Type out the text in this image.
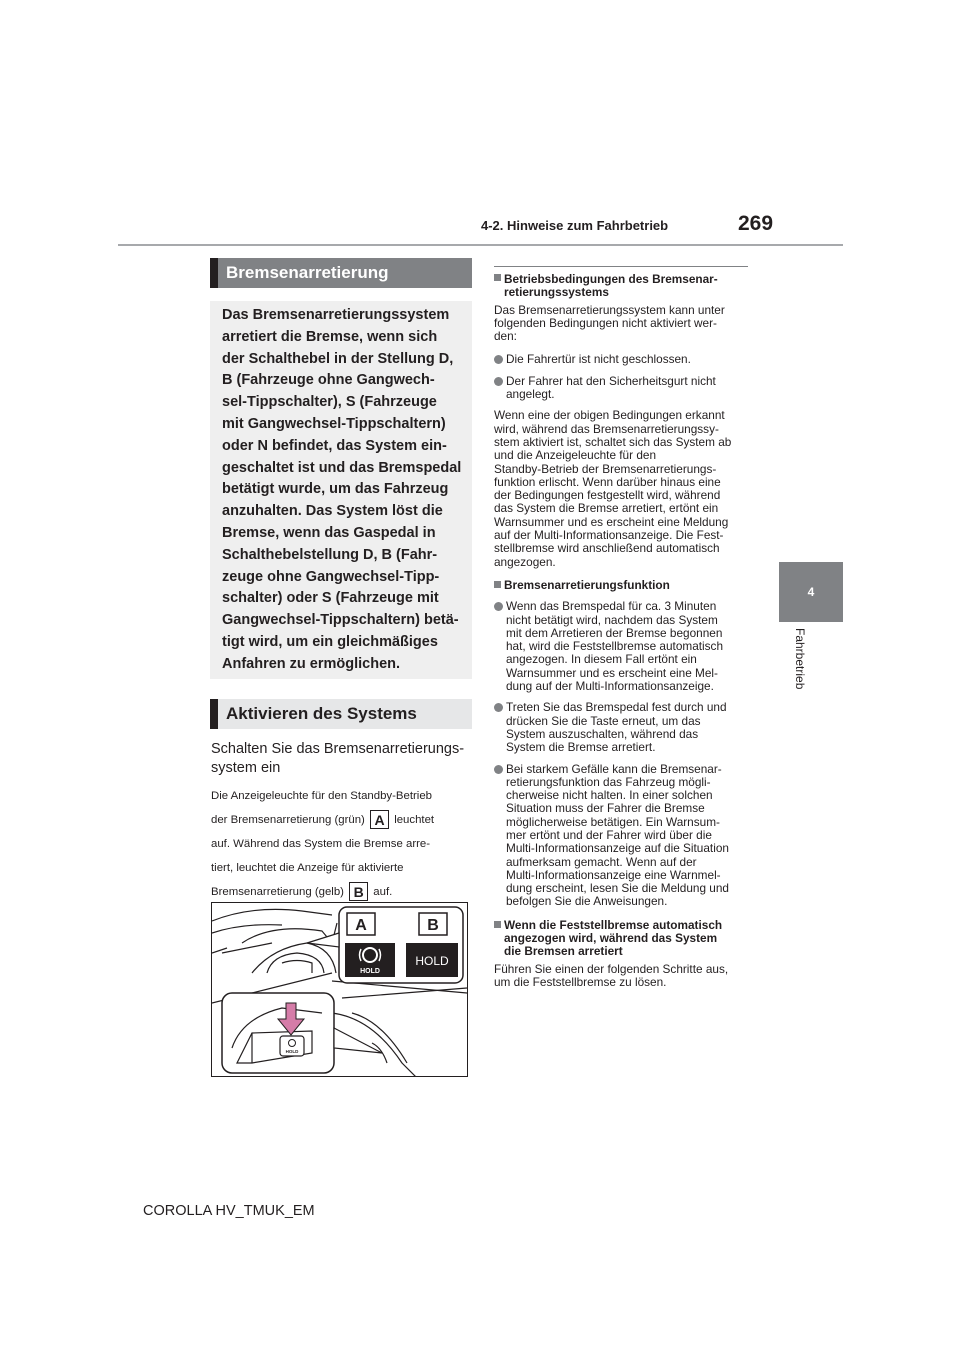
4-2. Hinweise zum Fahrbetrieb	269
4
Fahrbetrieb
Bremsenarretierung

Das Bremsenarretierungssystem

arretiert die Bremse, wenn sich

der Schalthebel in der Stellung D,

B (Fahrzeuge ohne Gangwech-

sel-Tippschalter), S (Fahrzeuge

mit Gangwechsel-Tippschaltern)

oder N befindet, das System ein-

geschaltet ist und das Bremspedal

betätigt wurde, um das Fahrzeug

anzuhalten. Das System löst die

Bremse, wenn das Gaspedal in

Schalthebelstellung D, B (Fahr-

zeuge ohne Gangwechsel-Tipp-

schalter) oder S (Fahrzeuge mit

Gangwechsel-Tippschaltern) betä-

tigt wird, um ein gleichmäßiges

Anfahren zu ermöglichen.

Aktivieren des Systems
Schalten Sie das Bremsenarretierungs-
system ein
Die Anzeigeleuchte für den Standby-Betrieb
der Bremsenarretierung (grün) A leuchtet
auf. Während das System die Bremse arre-
tiert, leuchtet die Anzeige für aktivierte
Bremsenarretierung (gelb) B auf.
A	B
HOLD
HOLD
HOLD
Betriebsbedingungen des Bremsenar-
retierungssystems

Das Bremsenarretierungssystem kann unter
folgenden Bedingungen nicht aktiviert wer-
den:

Die Fahrertür ist nicht geschlossen.
Der Fahrer hat den Sicherheitsgurt nicht
angelegt.

Wenn eine der obigen Bedingungen erkannt
wird, während das Bremsenarretierungssy-
stem aktiviert ist, schaltet sich das System ab
und die Anzeigeleuchte für den
Standby-Betrieb der Bremsenarretierungs-
funktion erlischt. Wenn darüber hinaus eine
der Bedingungen festgestellt wird, während
das System die Bremse arretiert, ertönt ein
Warnsummer und es erscheint eine Meldung
auf der Multi-Informationsanzeige. Die Fest-
stellbremse wird anschließend automatisch
angezogen.

Bremsenarretierungsfunktion
Wenn das Bremspedal für ca. 3 Minuten
nicht betätigt wird, nachdem das System
mit dem Arretieren der Bremse begonnen
hat, wird die Feststellbremse automatisch
angezogen. In diesem Fall ertönt ein
Warnsummer und es erscheint eine Mel-
dung auf der Multi-Informationsanzeige.
Treten Sie das Bremspedal fest durch und
drücken Sie die Taste erneut, um das
System auszuschalten, während das
System die Bremse arretiert.
Bei starkem Gefälle kann die Bremsenar-
retierungsfunktion das Fahrzeug mögli-
cherweise nicht halten. In einer solchen
Situation muss der Fahrer die Bremse
möglicherweise betätigen. Ein Warnsum-
mer ertönt und der Fahrer wird über die
Multi-Informationsanzeige auf die Situation
aufmerksam gemacht. Wenn auf der
Multi-Informationsanzeige eine Warnmel-
dung erscheint, lesen Sie die Meldung und
befolgen Sie die Anweisungen.
Wenn die Feststellbremse automatisch
angezogen wird, während das System
die Bremsen arretiert

Führen Sie einen der folgenden Schritte aus,
um die Feststellbremse zu lösen.

COROLLA HV_TMUK_EM
